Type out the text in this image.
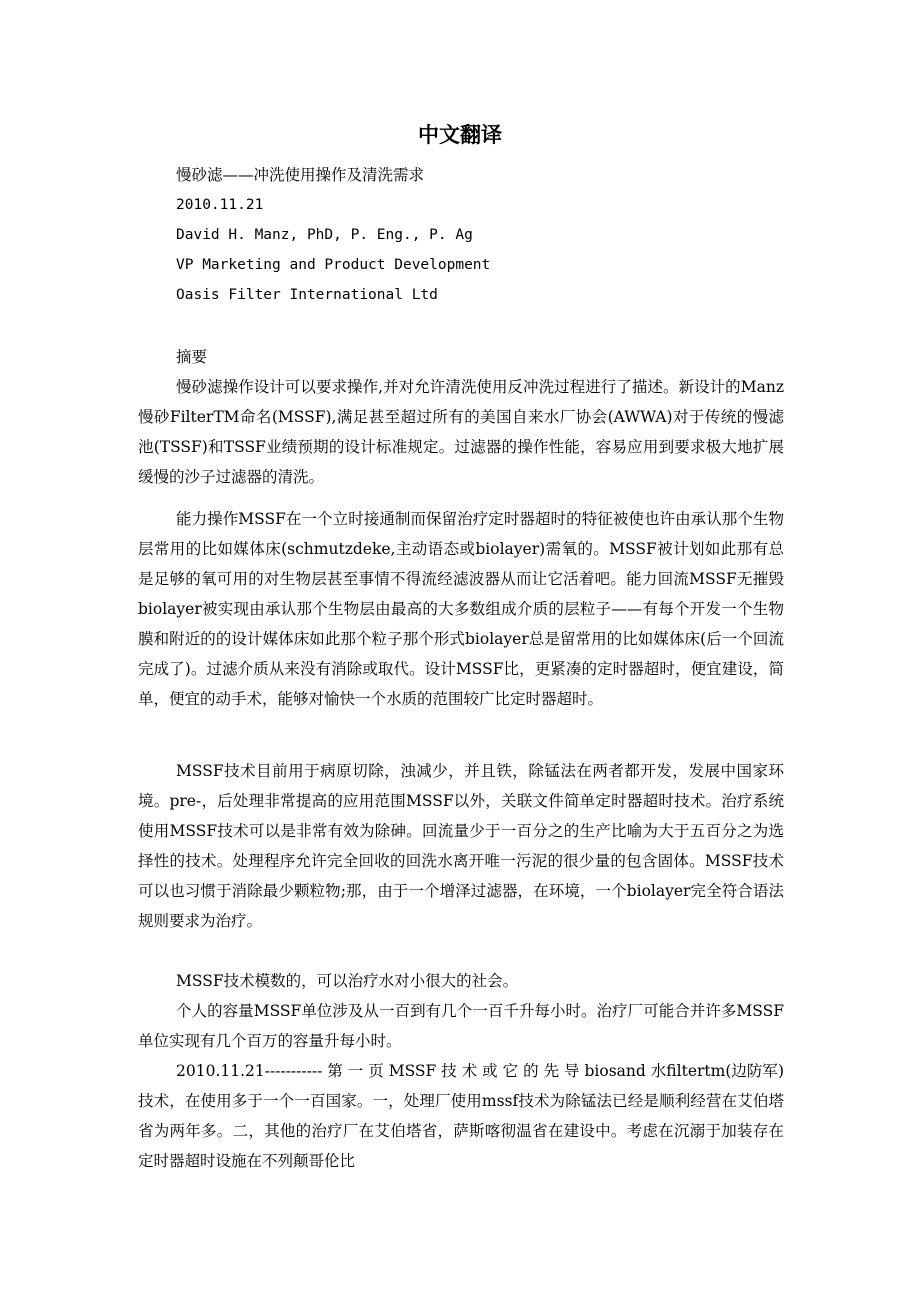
中文翻译
慢砂滤——冲洗使用操作及清洗需求
2010.11.21
David H. Manz, PhD, P. Eng., P. Ag
VP Marketing and Product Development
Oasis Filter International Ltd
摘要

慢砂滤操作设计可以要求操作,并对允许清洗使用反冲洗过程进行了描述。新设计的Manz慢砂FilterTM命名(MSSF),满足甚至超过所有的美国自来水厂协会(AWWA)对于传统的慢滤池(TSSF)和TSSF业绩预期的设计标准规定。过滤器的操作性能，容易应用到要求极大地扩展缓慢的沙子过滤器的清洗。

能力操作MSSF在一个立时接通制而保留治疗定时器超时的特征被使也许由承认那个生物层常用的比如媒体床(schmutzdeke,主动语态或biolayer)需氧的。MSSF被计划如此那有总是足够的氧可用的对生物层甚至事情不得流经滤波器从而让它活着吧。能力回流MSSF无摧毁biolayer被实现由承认那个生物层由最高的大多数组成介质的层粒子——有每个开发一个生物膜和附近的的设计媒体床如此那个粒子那个形式biolayer总是留常用的比如媒体床(后一个回流完成了)。过滤介质从来没有消除或取代。设计MSSF比，更紧凑的定时器超时，便宜建设，简单，便宜的动手术，能够对愉快一个水质的范围较广比定时器超时。

MSSF技术目前用于病原切除，浊减少，并且铁，除锰法在两者都开发，发展中国家环境。pre-，后处理非常提高的应用范围MSSF以外，关联文件简单定时器超时技术。治疗系统使用MSSF技术可以是非常有效为除砷。回流量少于一百分之的生产比喻为大于五百分之为选择性的技术。处理程序允许完全回收的回洗水离开唯一污泥的很少量的包含固体。MSSF技术可以也习惯于消除最少颗粒物;那，由于一个增泽过滤器，在环境，一个biolayer完全符合语法规则要求为治疗。

MSSF技术模数的，可以治疗水对小很大的社会。

个人的容量MSSF单位涉及从一百到有几个一百千升每小时。治疗厂可能合并许多MSSF单位实现有几个百万的容量升每小时。

2010.11.21----------- 第 一 页 MSSF 技 术 或 它 的 先 导 biosand 水filtertm(边防军)技术，在使用多于一个一百国家。一，处理厂使用mssf技术为除锰法已经是顺利经营在艾伯塔省为两年多。二，其他的治疗厂在艾伯塔省，萨斯喀彻温省在建设中。考虑在沉溺于加装存在定时器超时设施在不列颠哥伦比
